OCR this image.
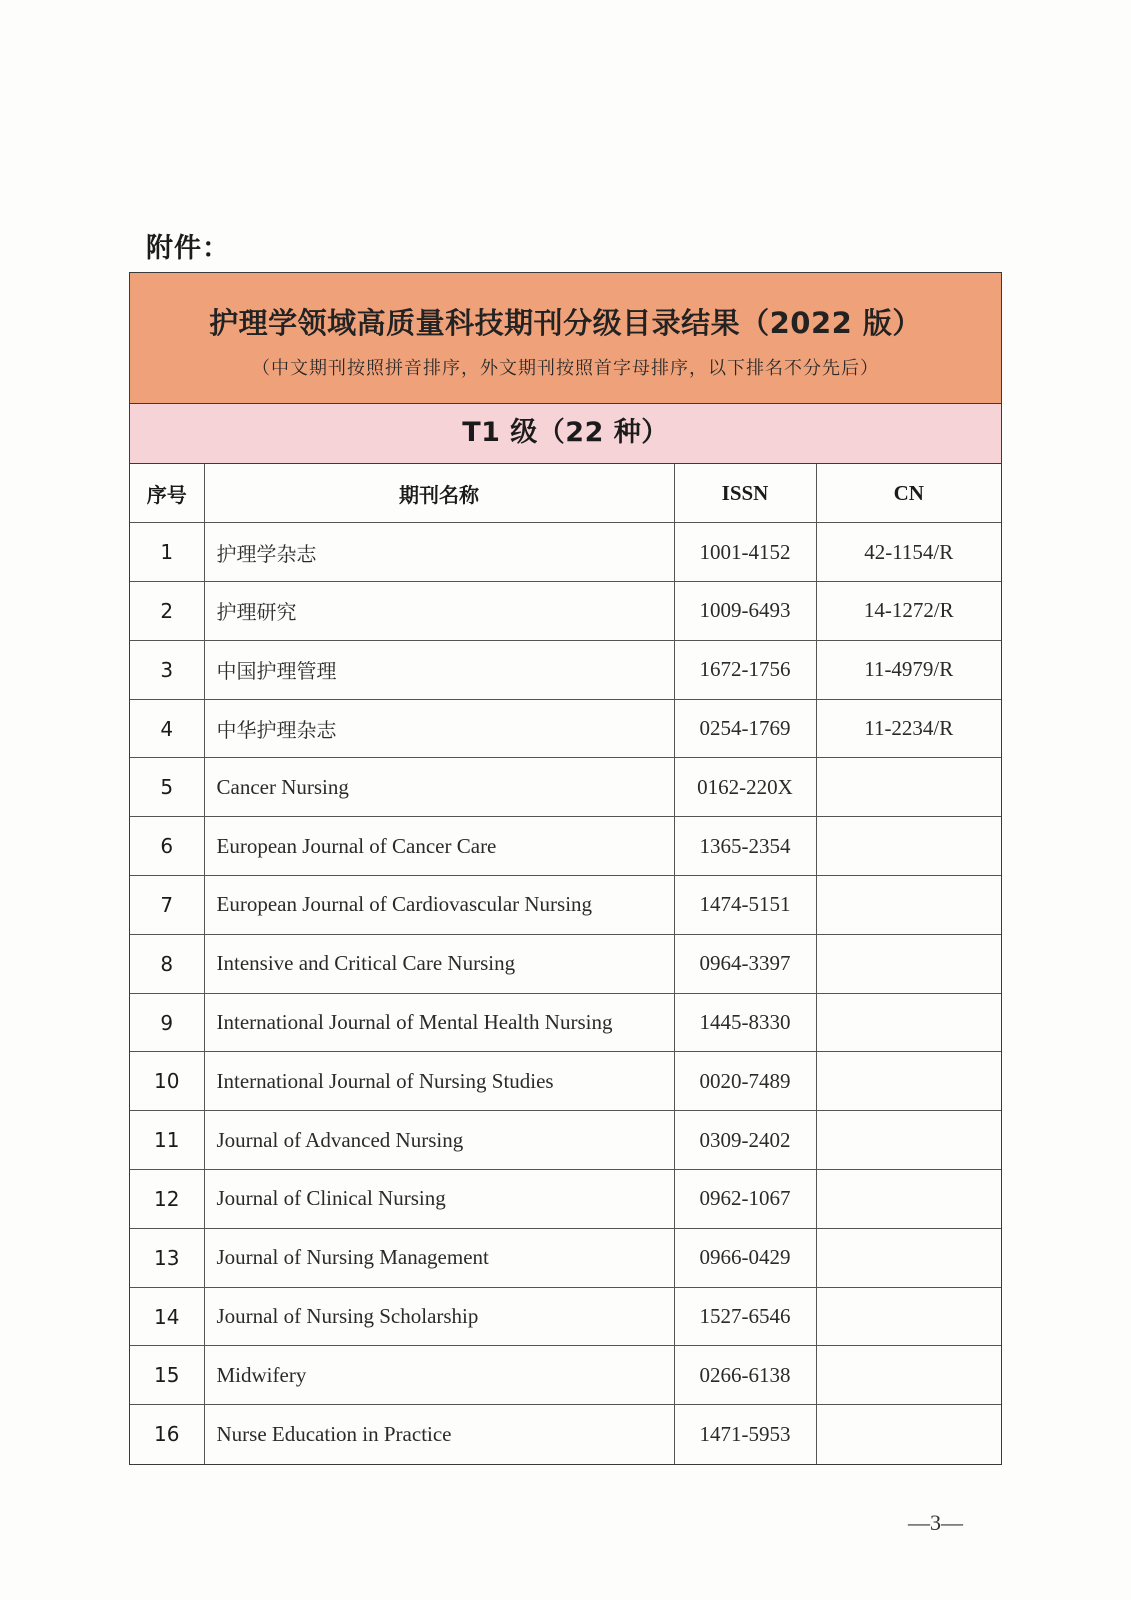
附件：
护理学领域高质量科技期刊分级目录结果（2022 版）
（中文期刊按照拼音排序，外文期刊按照首字母排序，以下排名不分先后）
T1 级（22 种）
序号	期刊名称	ISSN	CN
1	护理学杂志	1001-4152	42-1154/R
2	护理研究	1009-6493	14-1272/R
3	中国护理管理	1672-1756	11-4979/R
4	中华护理杂志	0254-1769	11-2234/R
5	Cancer Nursing	0162-220X	
6	European Journal of Cancer Care	1365-2354	
7	European Journal of Cardiovascular Nursing	1474-5151	
8	Intensive and Critical Care Nursing	0964-3397	
9	International Journal of Mental Health Nursing	1445-8330	
10	International Journal of Nursing Studies	0020-7489	
11	Journal of Advanced Nursing	0309-2402	
12	Journal of Clinical Nursing	0962-1067	
13	Journal of Nursing Management	0966-0429	
14	Journal of Nursing Scholarship	1527-6546	
15	Midwifery	0266-6138	
16	Nurse Education in Practice	1471-5953	
—3—
